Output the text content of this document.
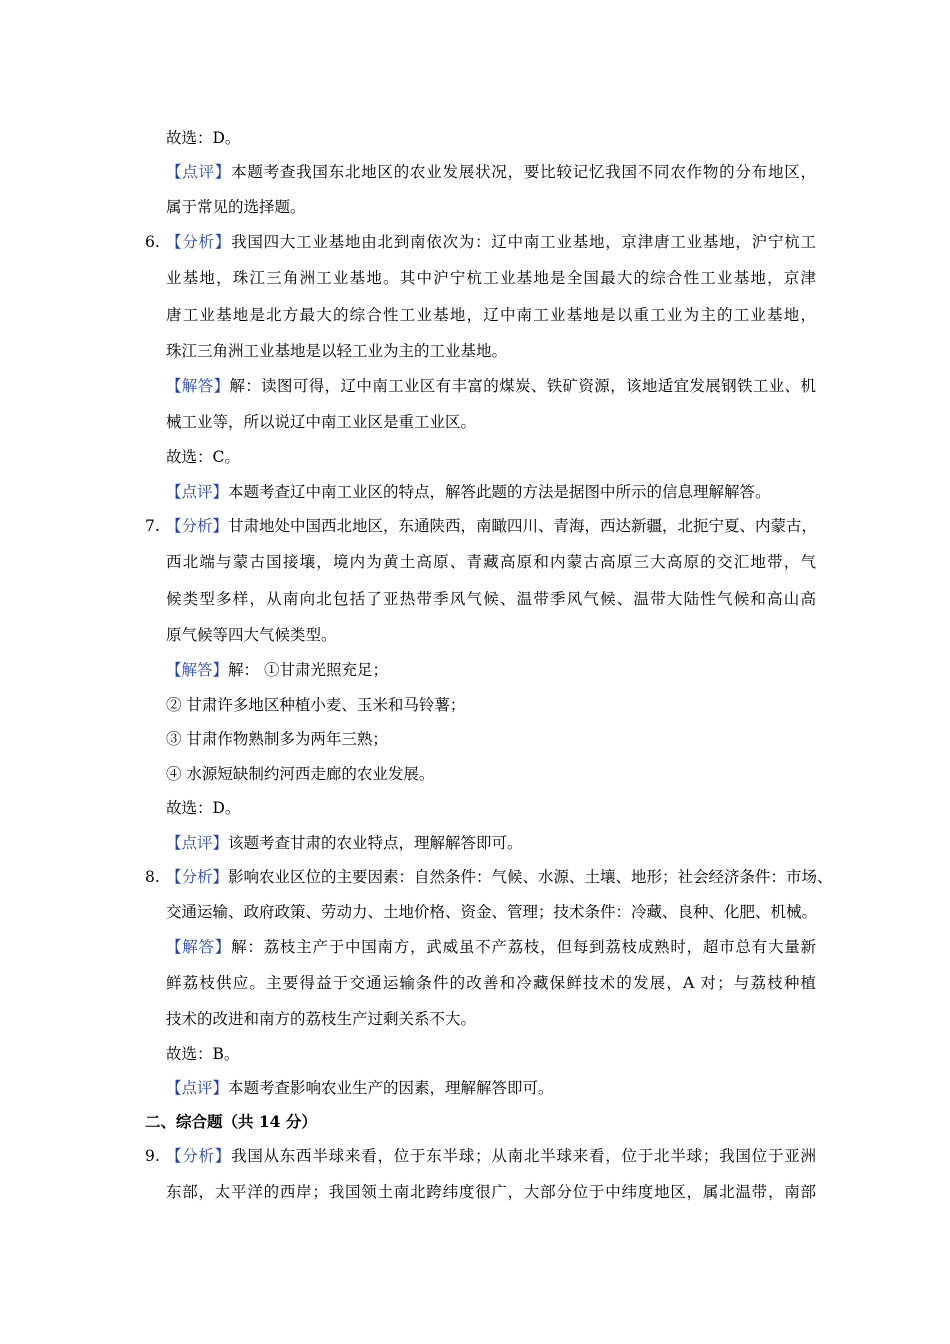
故选：D。
【点评】本题考查我国东北地区的农业发展状况，要比较记忆我国不同农作物的分布地区，
属于常见的选择题。
6. 【分析】我国四大工业基地由北到南依次为：辽中南工业基地，京津唐工业基地，沪宁杭工
业基地，珠江三角洲工业基地。其中沪宁杭工业基地是全国最大的综合性工业基地，京津
唐工业基地是北方最大的综合性工业基地，辽中南工业基地是以重工业为主的工业基地，
珠江三角洲工业基地是以轻工业为主的工业基地。
【解答】解：读图可得，辽中南工业区有丰富的煤炭、铁矿资源，该地适宜发展钢铁工业、机
械工业等，所以说辽中南工业区是重工业区。
故选：C。
【点评】本题考查辽中南工业区的特点，解答此题的方法是据图中所示的信息理解解答。
7. 【分析】甘肃地处中国西北地区，东通陕西，南瞰四川、青海，西达新疆，北扼宁夏、内蒙古，
西北端与蒙古国接壤，境内为黄土高原、青藏高原和内蒙古高原三大高原的交汇地带，气
候类型多样，从南向北包括了亚热带季风气候、温带季风气候、温带大陆性气候和高山高
原气候等四大气候类型。
【解答】解： ①甘肃光照充足；
② 甘肃许多地区种植小麦、玉米和马铃薯；
③ 甘肃作物熟制多为两年三熟；
④ 水源短缺制约河西走廊的农业发展。
故选：D。
【点评】该题考查甘肃的农业特点，理解解答即可。
8. 【分析】影响农业区位的主要因素：自然条件：气候、水源、土壤、地形；社会经济条件：市场、
交通运输、政府政策、劳动力、土地价格、资金、管理；技术条件：冷藏、良种、化肥、机械。
【解答】解：荔枝主产于中国南方，武威虽不产荔枝，但每到荔枝成熟时，超市总有大量新
鲜荔枝供应。主要得益于交通运输条件的改善和冷藏保鲜技术的发展，A 对；与荔枝种植
技术的改进和南方的荔枝生产过剩关系不大。
故选：B。
【点评】本题考查影响农业生产的因素，理解解答即可。
二、综合题（共 14 分）
9. 【分析】我国从东西半球来看，位于东半球；从南北半球来看，位于北半球；我国位于亚洲
东部，太平洋的西岸；我国领土南北跨纬度很广，大部分位于中纬度地区，属北温带，南部
